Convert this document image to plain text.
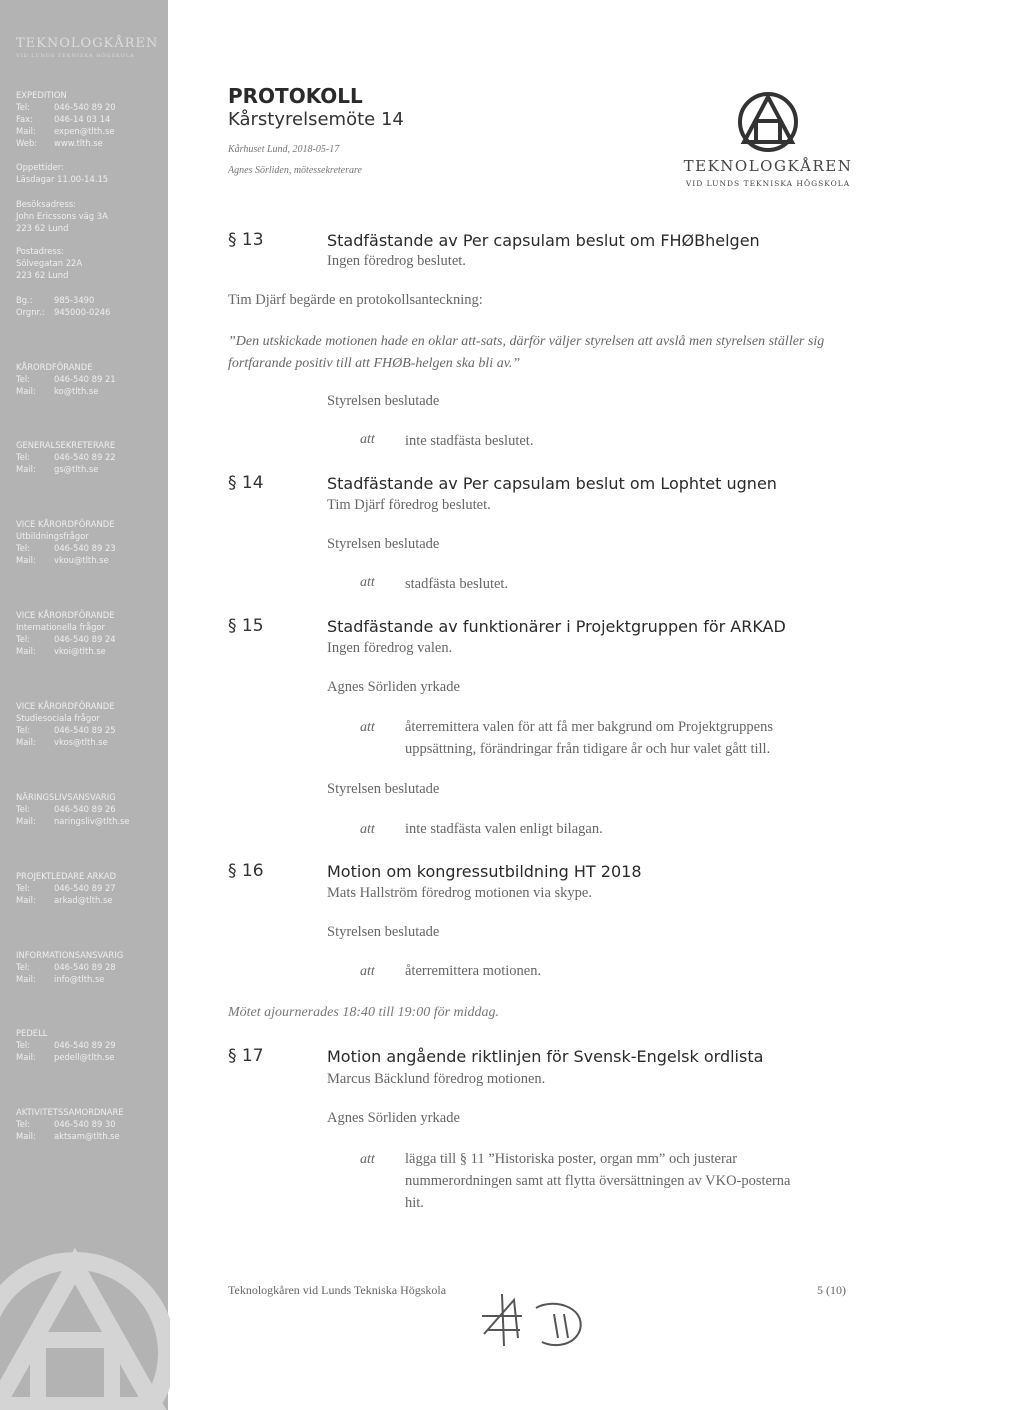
TEKNOLOGKÅREN
VID LUNDS TEKNISKA HÖGSKOLA
EXPEDITION
Tel:	046-540 89 20
Fax:	046-14 03 14
Mail: expen@tlth.se
Web: www.tlth.se
Oppettider:
Läsdagar 11.00-14.15
Besöksadress:
John Ericssons väg 3A
223 62 Lund
Postadress:
Sölvegatan 22A
223 62 Lund
Bg.:	985-3490
Orgnr.: 945000-0246
KÅRORDFÖRANDE
Tel:	046-540 89 21
Mail: ko@tlth.se
GENERALSEKRETERARE
Tel:	046-540 89 22
Mail: gs@tlth.se
VICE KÅRORDFÖRANDE
Utbildningsfrågor
Tel:	046-540 89 23
Mail: vkou@tlth.se
VICE KÅRORDFÖRANDE
Internationella frågor
Tel:	046-540 89 24
Mail: vkoi@tlth.se
VICE KÅRORDFÖRANDE
Studiesociala frågor
Tel:	046-540 89 25
Mail: vkos@tlth.se
NÄRINGSLIVSANSVARIG
Tel:	046-540 89 26
Mail: naringsliv@tlth.se
PROJEKTLEDARE ARKAD
Tel:	046-540 89 27
Mail: arkad@tlth.se
INFORMATIONSANSVARIG
Tel:	046-540 89 28
Mail: info@tlth.se
PEDELL
Tel:	046-540 89 29
Mail: pedell@tlth.se
AKTIVITETSSAMORDNARE
Tel:	046-540 89 30
Mail: aktsam@tlth.se
PROTOKOLL
Kårstyrelsemöte 14
Kårhuset Lund, 2018-05-17
Agnes Sörliden, mötessekreterare	TEKNOLOGKÅREN
VID LUNDS TEKNISKA HÖGSKOLA
§ 13	Stadfästande av Per capsulam beslut om FHØBhelgen
Ingen föredrog beslutet.
Tim Djärf begärde en protokollsanteckning:
”Den utskickade motionen hade en oklar att-sats, därför väljer styrelsen att avslå men styrelsen ställer sig fortfarande positiv till att FHØB-helgen ska bli av.”
Styrelsen beslutade
att inte stadfästa beslutet.
§ 14	Stadfästande av Per capsulam beslut om Lophtet ugnen
Tim Djärf föredrog beslutet.
Styrelsen beslutade
att stadfästa beslutet.
§ 15	Stadfästande av funktionärer i Projektgruppen för ARKAD
Ingen föredrog valen.
Agnes Sörliden yrkade
att återremittera valen för att få mer bakgrund om Projektgruppens
uppsättning, förändringar från tidigare år och hur valet gått till.
Styrelsen beslutade
att inte stadfästa valen enligt bilagan.
§ 16	Motion om kongressutbildning HT 2018
Mats Hallström föredrog motionen via skype.
Styrelsen beslutade
att återremittera motionen.
Mötet ajournerades 18:40 till 19:00 för middag.
§ 17	Motion angående riktlinjen för Svensk-Engelsk ordlista
Marcus Bäcklund föredrog motionen.
Agnes Sörliden yrkade
att lägga till § 11 ”Historiska poster, organ mm” och justerar
nummerordningen samt att flytta översättningen av VKO-posterna
hit.
Teknologkåren vid Lunds Tekniska Högskola	5 (10)
